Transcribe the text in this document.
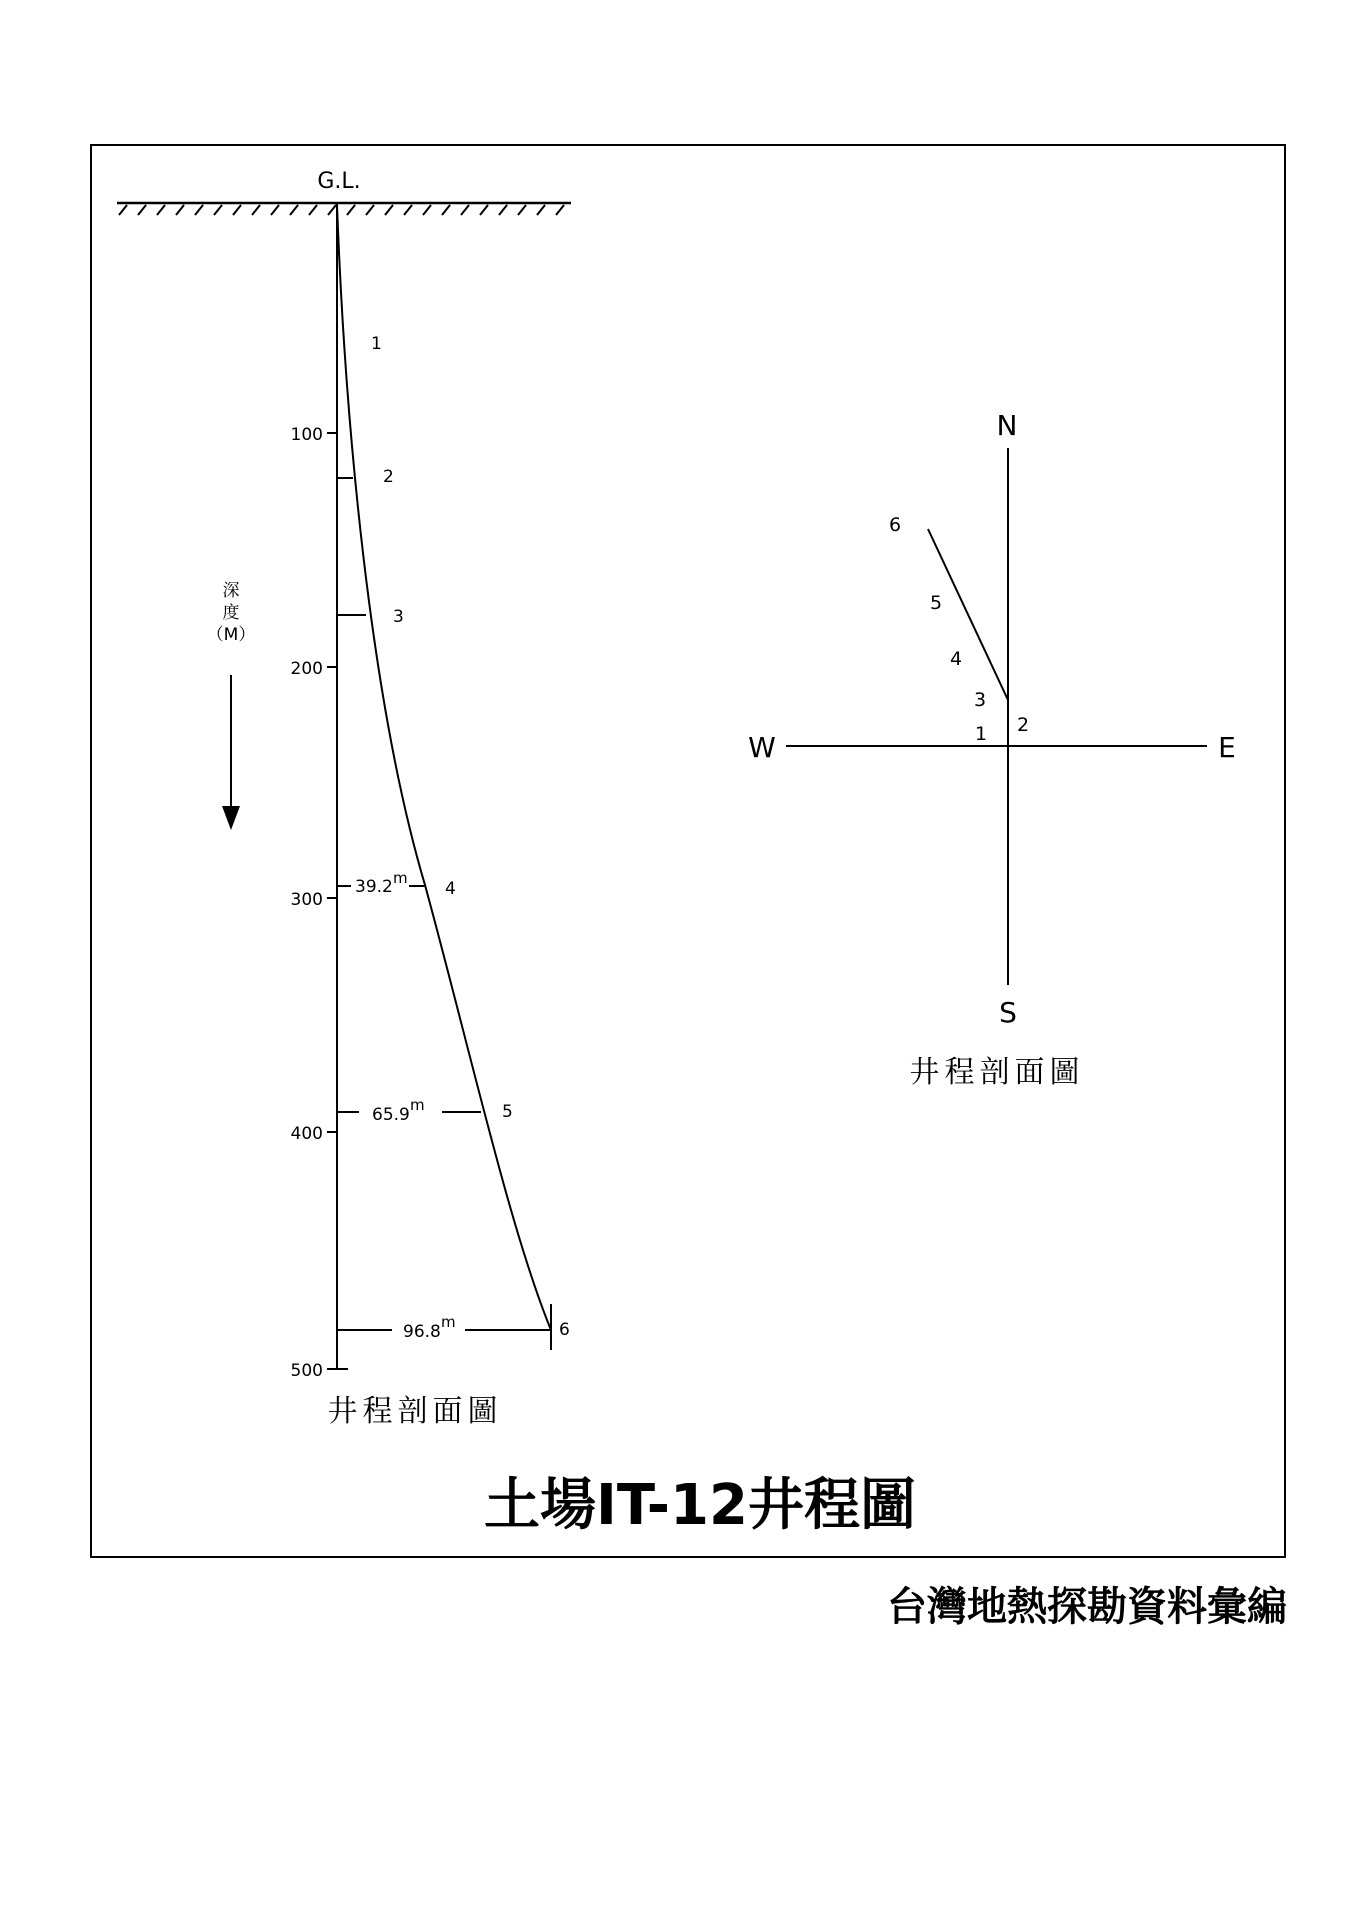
G.L.
100
200
300
400
500
深
度
（M）
1
2
3
4
5
6
39.2 m
65.9 m
96.8 m
井程剖面圖
N
S
W	E
1 2
3
4
5
6
井程剖面圖
土場IT-12井程圖
台灣地熱探勘資料彙編
